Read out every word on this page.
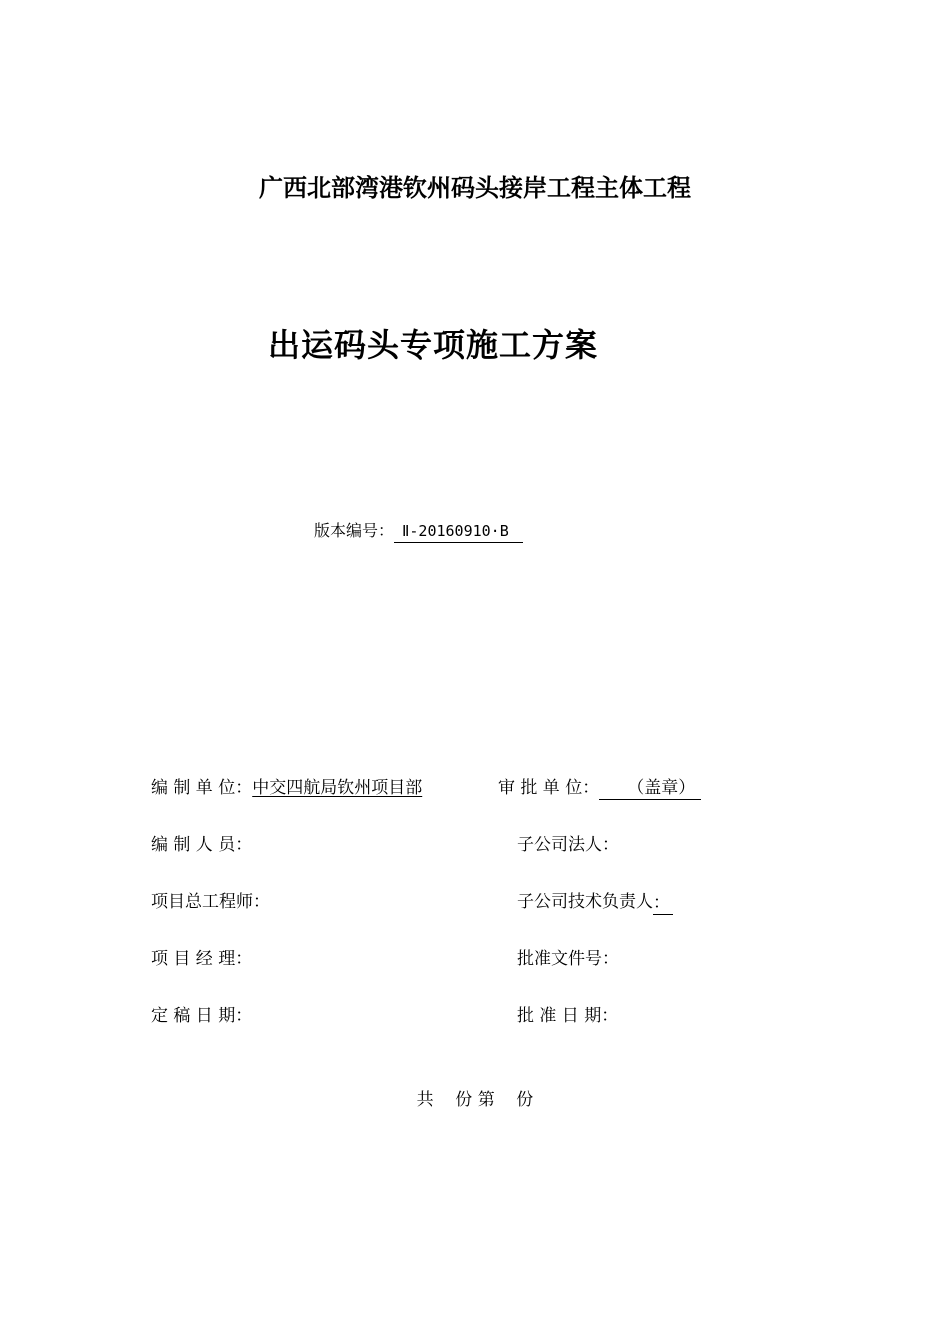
广西北部湾港钦州码头接岸工程主体工程
出运码头专项施工方案
版本编号： Ⅱ-20160910·B
编 制 单 位：中交四航局钦州项目部	审 批 单 位： （盖章）
编 制 人 员：	子公司法人：
项目总工程师：	子公司技术负责人：
项 目 经 理：	批准文件号：
定 稿 日 期：	批 准 日 期：
共    份 第    份
